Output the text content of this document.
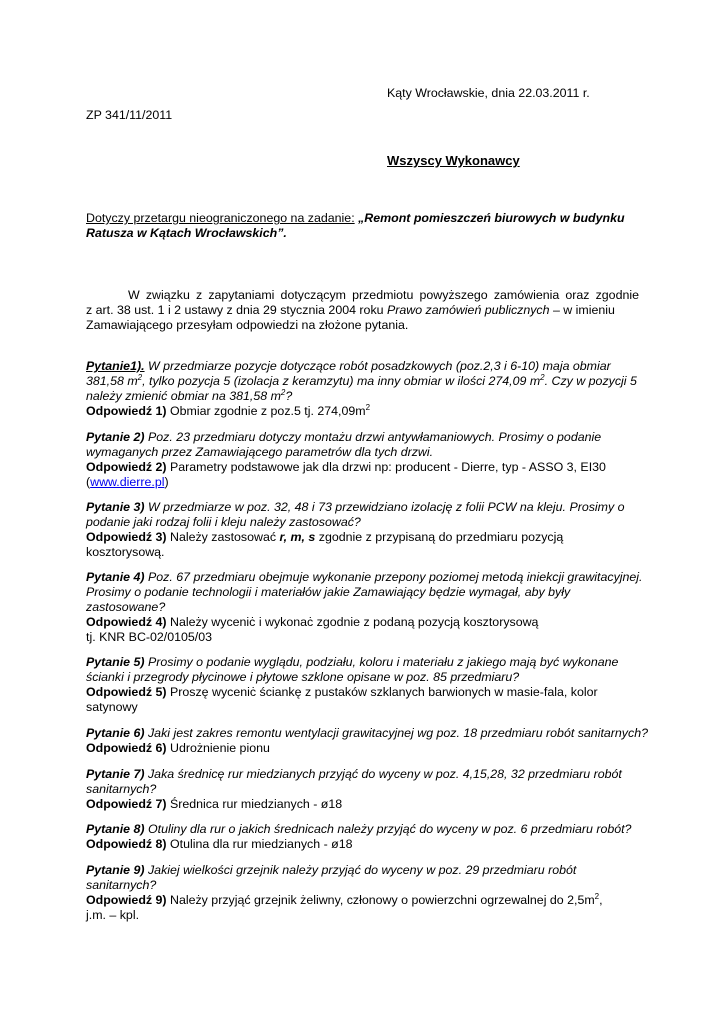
Kąty Wrocławskie, dnia 22.03.2011 r.
ZP 341/11/2011
Wszyscy Wykonawcy
Dotyczy przetargu nieograniczonego na zadanie: „Remont pomieszczeń biurowych w budynku
Ratusza w Kątach Wrocławskich”.
W związku z zapytaniami dotyczącym przedmiotu powyższego zamówienia oraz zgodnie
z art. 38 ust. 1 i 2 ustawy z dnia 29 stycznia 2004 roku Prawo zamówień publicznych – w imieniu
Zamawiającego przesyłam odpowiedzi na złożone pytania.
Pytanie1). W przedmiarze pozycje dotyczące robót posadzkowych (poz.2,3 i 6-10) maja obmiar
381,58 $m^2$, tylko pozycja 5 (izolacja z keramzytu) ma inny obmiar w ilości 274,09 $m^2$. Czy w pozycji 5
należy zmienić obmiar na 381,58 $m^2$?
Odpowiedź 1) Obmiar zgodnie z poz.5 tj. $274,09m^2$
Pytanie 2) Poz. 23 przedmiaru dotyczy montażu drzwi antywłamaniowych. Prosimy o podanie
wymaganych przez Zamawiającego parametrów dla tych drzwi.
Odpowiedź 2) Parametry podstawowe jak dla drzwi np: producent - Dierre, typ - ASSO 3, EI30
(www.dierre.pl)
Pytanie 3) W przedmiarze w poz. 32, 48 i 73 przewidziano izolację z folii PCW na kleju. Prosimy o
podanie jaki rodzaj folii i kleju należy zastosować?
Odpowiedź 3) Należy zastosować r, m, s zgodnie z przypisaną do przedmiaru pozycją
kosztorysową.
Pytanie 4) Poz. 67 przedmiaru obejmuje wykonanie przepony poziomej metodą iniekcji grawitacyjnej.
Prosimy o podanie technologii i materiałów jakie Zamawiający będzie wymagał, aby były
zastosowane?
Odpowiedź 4) Należy wyceniċ i wykonaċ zgodnie z podaną pozycją kosztorysową
tj. KNR BC-02/0105/03
Pytanie 5) Prosimy o podanie wyglądu, podziału, koloru i materiału z jakiego mają być wykonane
ścianki i przegrody płycinowe i płytowe szklone opisane w poz. 85 przedmiaru?
Odpowiedź 5) Proszę wyceniċ ściankę z pustaków szklanych barwionych w masie-fala, kolor
satynowy
Pytanie 6) Jaki jest zakres remontu wentylacji grawitacyjnej wg poz. 18 przedmiaru robót sanitarnych?
Odpowiedź 6) Udrożnienie pionu
Pytanie 7) Jaka średnicę rur miedzianych przyjąć do wyceny w poz. 4,15,28, 32 przedmiaru robót
sanitarnych?
Odpowiedź 7) Średnica rur miedzianych - ø18
Pytanie 8) Otuliny dla rur o jakich średnicach należy przyjąć do wyceny w poz. 6 przedmiaru robót?
Odpowiedź 8) Otulina dla rur miedzianych - ø18
Pytanie 9) Jakiej wielkości grzejnik należy przyjąć do wyceny w poz. 29 przedmiaru robót
sanitarnych?
Odpowiedź 9) Należy przyjąć grzejnik żeliwny, członowy o powierzchni ogrzewalnej do $2,5m^2$,
j.m. – kpl.
